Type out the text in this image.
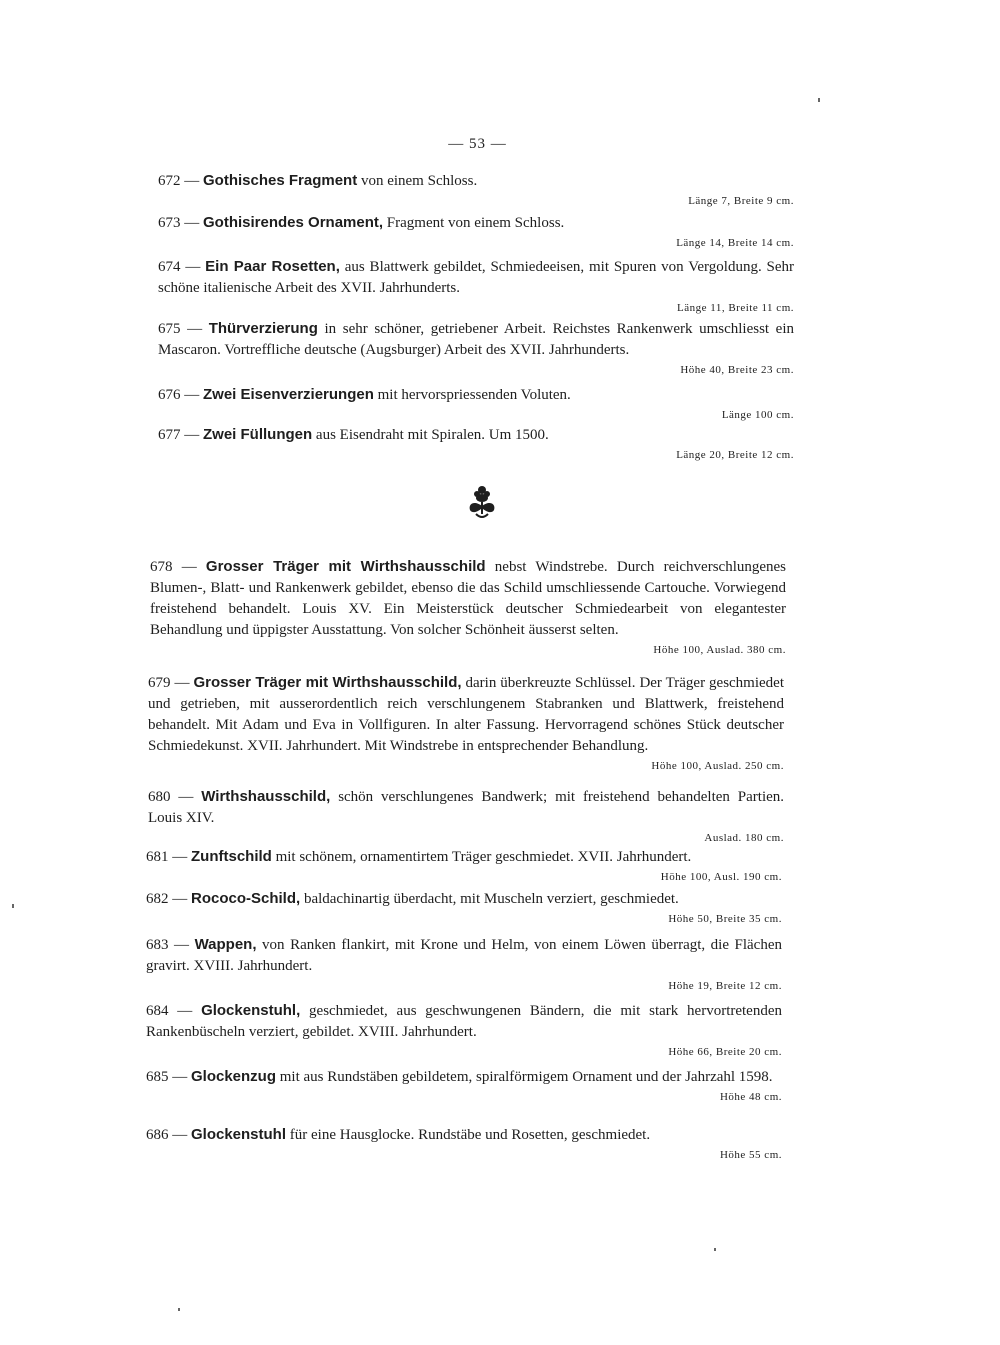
— 53 —
672 — Gothisches Fragment von einem Schloss.
Länge 7, Breite 9 cm.
673 — Gothisirendes Ornament, Fragment von einem Schloss.
Länge 14, Breite 14 cm.
674 — Ein Paar Rosetten, aus Blattwerk gebildet, Schmiedeeisen, mit Spuren von Vergoldung. Sehr schöne italienische Arbeit des XVII. Jahrhunderts.
Länge 11, Breite 11 cm.
675 — Thürverzierung in sehr schöner, getriebener Arbeit. Reichstes Rankenwerk umschliesst ein Mascaron. Vortreffliche deutsche (Augsburger) Arbeit des XVII. Jahrhunderts.
Höhe 40, Breite 23 cm.
676 — Zwei Eisenverzierungen mit hervorspriessenden Voluten.
Länge 100 cm.
677 — Zwei Füllungen aus Eisendraht mit Spiralen. Um 1500.
Länge 20, Breite 12 cm.
678 — Grosser Träger mit Wirthshausschild nebst Windstrebe. Durch reichverschlungenes Blumen-, Blatt- und Rankenwerk gebildet, ebenso die das Schild umschliessende Cartouche. Vorwiegend freistehend behandelt. Louis XV. Ein Meisterstück deutscher Schmiedearbeit von elegantester Behandlung und üppigster Ausstattung. Von solcher Schönheit äusserst selten.
Höhe 100, Auslad. 380 cm.
679 — Grosser Träger mit Wirthshausschild, darin überkreuzte Schlüssel. Der Träger geschmiedet und getrieben, mit ausserordentlich reich verschlungenem Stabranken und Blattwerk, freistehend behandelt. Mit Adam und Eva in Vollfiguren. In alter Fassung. Hervorragend schönes Stück deutscher Schmiedekunst. XVII. Jahrhundert. Mit Windstrebe in entsprechender Behandlung.
Höhe 100, Auslad. 250 cm.
680 — Wirthshausschild, schön verschlungenes Bandwerk; mit freistehend behandelten Partien. Louis XIV.
Auslad. 180 cm.
681 — Zunftschild mit schönem, ornamentirtem Träger geschmiedet. XVII. Jahrhundert.
Höhe 100, Ausl. 190 cm.
682 — Rococo-Schild, baldachinartig überdacht, mit Muscheln verziert, geschmiedet.
Höhe 50, Breite 35 cm.
683 — Wappen, von Ranken flankirt, mit Krone und Helm, von einem Löwen überragt, die Flächen gravirt. XVIII. Jahrhundert.
Höhe 19, Breite 12 cm.
684 — Glockenstuhl, geschmiedet, aus geschwungenen Bändern, die mit stark hervortretenden Rankenbüscheln verziert, gebildet. XVIII. Jahrhundert.
Höhe 66, Breite 20 cm.
685 — Glockenzug mit aus Rundstäben gebildetem, spiralförmigem Ornament und der Jahrzahl 1598.
Höhe 48 cm.
686 — Glockenstuhl für eine Hausglocke. Rundstäbe und Rosetten, geschmiedet.
Höhe 55 cm.
